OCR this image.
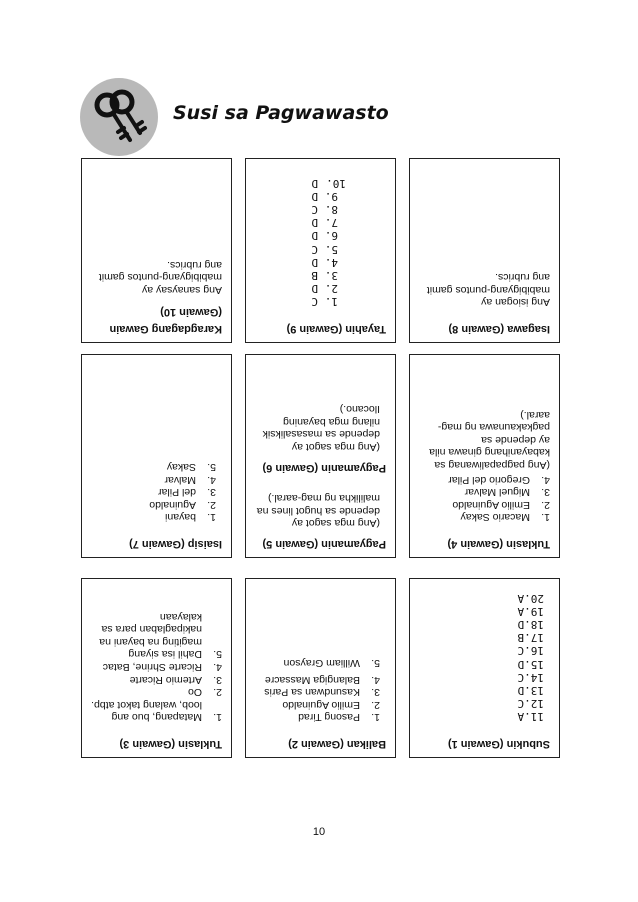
Susi sa Pagwawasto
Karagdagang Gawain
(Gawain 10)
Ang sanaysay ay mabibigyang-puntos gamit ang rubrics.
Tayahin (Gawain 9)
1.
C
2.
D
3.
B
4.
D
5.
C
6.
D
7.
D
8.
C
9.
D
10.
D
Isagawa (Gawain 8)
Ang isiogan ay mabibigyang-puntos gamit ang rubrics.
Isaisip (Gawain 7)
1.
bayani
2.
Aguinaldo
3.
del Pilar
4.
Malvar
5.
Sakay
Pagyamanin (Gawain 5)
(Ang mga sagot ay depende sa hugot lines na malilikha ng mag-aaral.)
Pagyamanin (Gawain 6)
(Ang mga sagot ay depende sa masasaliksik nilang mga bayaning Ilocano.)
Tuklasin (Gawain 4)
1.
Macario Sakay
2.
Emilio Aguinaldo
3.
Miguel Malvar
4.
Gregorio del Pilar
(Ang pagpapaliwanag sa kabayanihang ginawa nila ay depende sa pagkakaunawa ng mag-aaral.)
Tuklasin (Gawain 3)
1.
Matapang, buo ang loob, walang takot atbp.
2.
Oo
3.
Artemio Ricarte
4.
Ricarte Shrine, Batac
5.
Dahil isa siyang magiting na bayani na nakipaglaban para sa kalayaan
Balikan (Gawain 2)
1.
Pasong Tirad
2.
Emilio Aguinaldo
3.
Kasundwan sa Paris
4.
Balangiga Massacre
5.
William Grayson
Subukin (Gawain 1)
11.A
12.C
13.D
14.C
15.D
16.C
17.B
18.D
19.A
20.A
10
